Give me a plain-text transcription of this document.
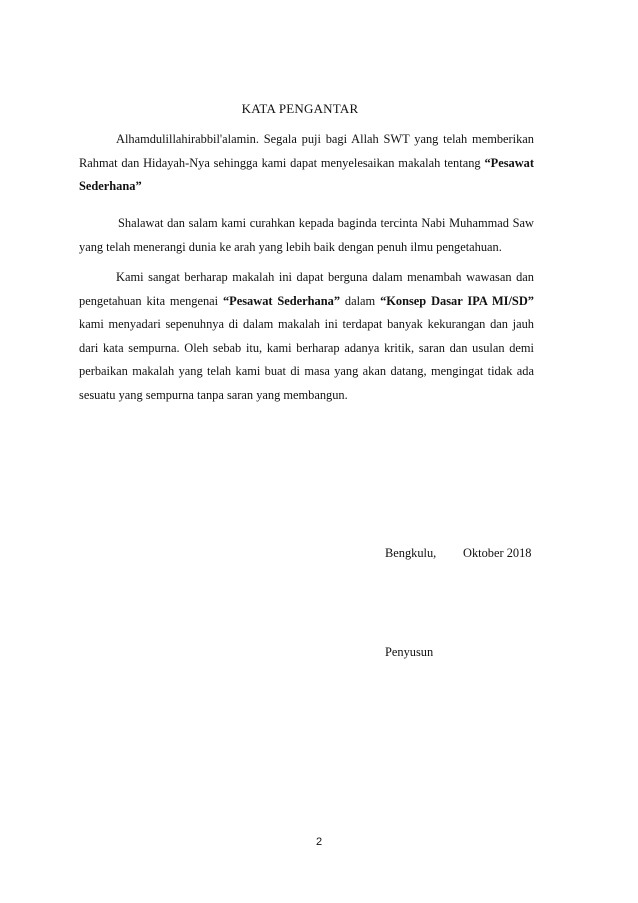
KATA PENGANTAR

Alhamdulillahirabbil'alamin. Segala puji bagi Allah SWT yang telah memberikan Rahmat dan Hidayah-Nya sehingga kami dapat menyelesaikan makalah tentang “Pesawat Sederhana”

Shalawat dan salam kami curahkan kepada baginda tercinta Nabi Muhammad Saw yang telah menerangi dunia ke arah yang lebih baik dengan penuh ilmu pengetahuan.

Kami sangat berharap makalah ini dapat berguna dalam menambah wawasan dan pengetahuan kita mengenai “Pesawat Sederhana” dalam “Konsep Dasar IPA MI/SD” kami menyadari sepenuhnya di dalam makalah ini terdapat banyak kekurangan dan jauh dari kata sempurna. Oleh sebab itu, kami berharap adanya kritik, saran dan usulan demi perbaikan makalah yang telah kami buat di masa yang akan datang, mengingat tidak ada sesuatu yang sempurna tanpa saran yang membangun.

Bengkulu, Oktober 2018
Penyusun
2
